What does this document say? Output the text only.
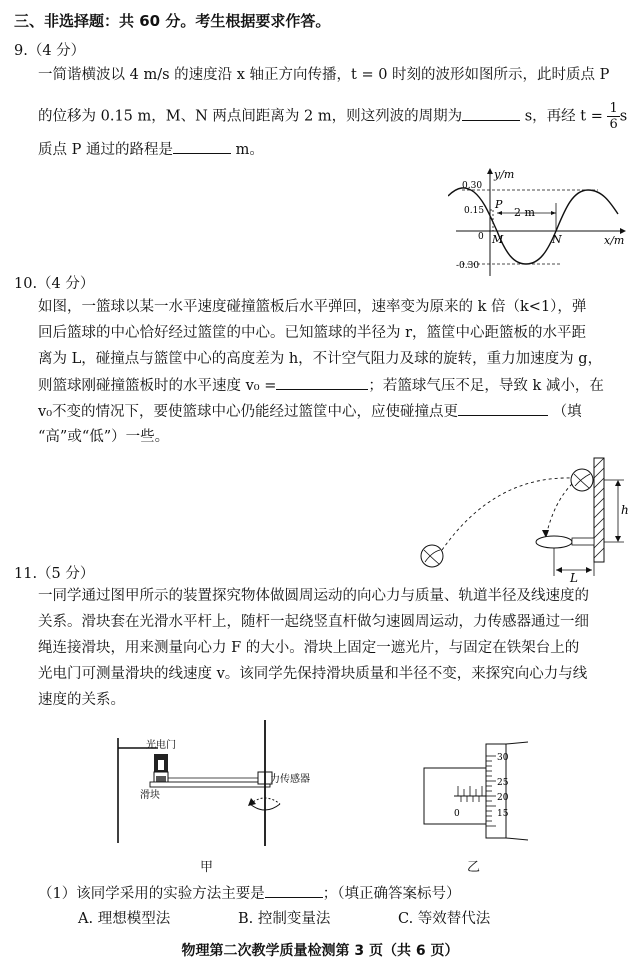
三、非选择题：共 60 分。考生根据要求作答。
9.（4 分）
一简谐横波以 4 m/s 的速度沿 x 轴正方向传播，t = 0 时刻的波形如图所示，此时质点 P
的位移为 0.15 m，M、N 两点间距离为 2 m，则这列波的周期为	s，再经 $t = \frac{1}{6}$ s
质点 P 通过的路程是	m。
2 m
y/m
x/m
0.30
0.15
0
-0.30
P
M	N
10.（4 分）
如图，一篮球以某一水平速度碰撞篮板后水平弹回，速率变为原来的 k 倍（k<1），弹
回后篮球的中心恰好经过篮筐的中心。已知篮球的半径为 r，篮筐中心距篮板的水平距
离为 L，碰撞点与篮筐中心的高度差为 h，不计空气阻力及球的旋转，重力加速度为 g，
则篮球刚碰撞篮板时的水平速度 v₀ =	；若篮球气压不足，导致 k 减小，在
v₀不变的情况下，要使篮球中心仍能经过篮筐中心，应使碰撞点更	（填
“高”或“低”）一些。
h
L
11.（5 分）
一同学通过图甲所示的装置探究物体做圆周运动的向心力与质量、轨道半径及线速度的
关系。滑块套在光滑水平杆上，随杆一起绕竖直杆做匀速圆周运动，力传感器通过一细
绳连接滑块，用来测量向心力 F 的大小。滑块上固定一遮光片，与固定在铁架台上的
光电门可测量滑块的线速度 v。该同学先保持滑块质量和半径不变，来探究向心力与线
速度的关系。
光电门
滑块
力传感器
甲
0
30
25
20
15
乙
（1）该同学采用的实验方法主要是	；（填正确答案标号）
A. 理想模型法	B. 控制变量法	C. 等效替代法
物理第二次教学质量检测第 3 页（共 6 页）
